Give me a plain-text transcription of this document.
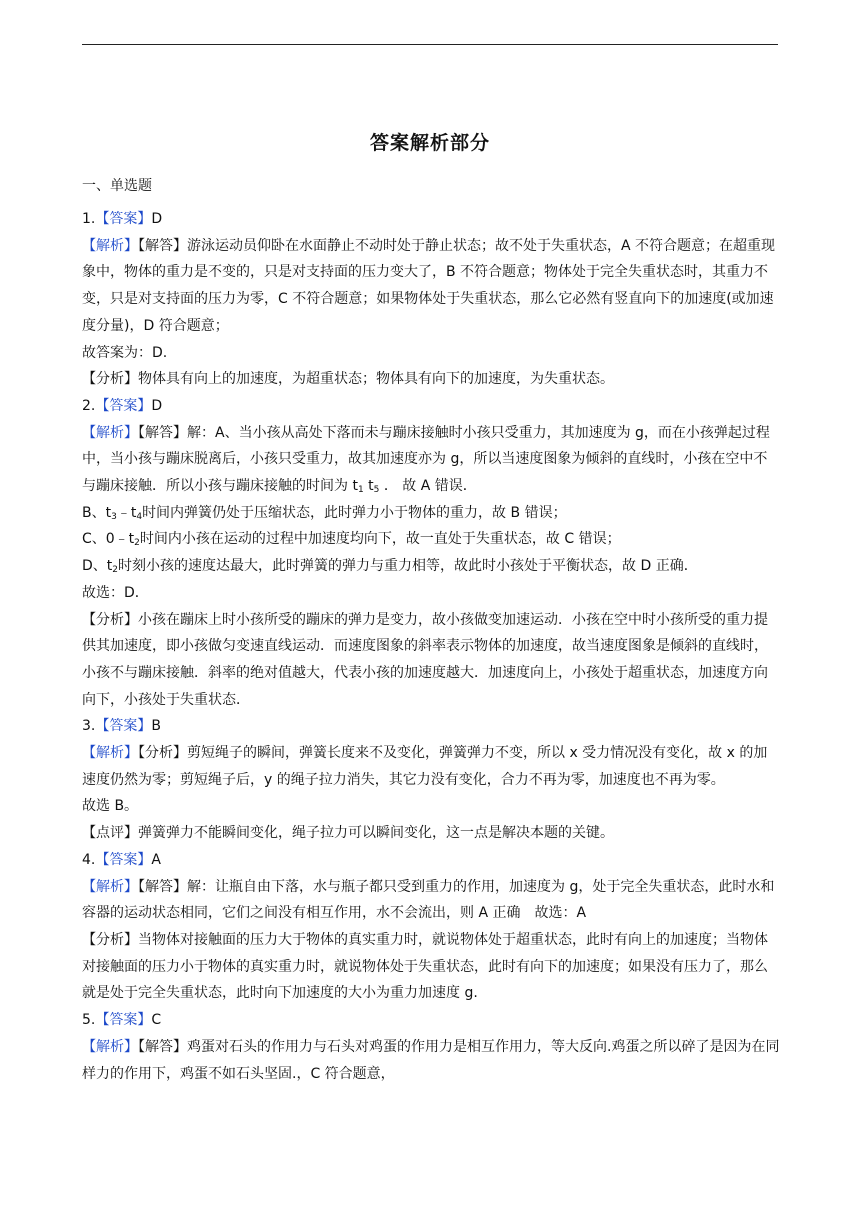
答案解析部分
一、单选题

1.【答案】D

【解析】【解答】游泳运动员仰卧在水面静止不动时处于静止状态；故不处于失重状态，A 不符合题意；在超重现象中，物体的重力是不变的，只是对支持面的压力变大了，B 不符合题意；物体处于完全失重状态时，其重力不变，只是对支持面的压力为零，C 不符合题意；如果物体处于失重状态，那么它必然有竖直向下的加速度(或加速度分量)，D 符合题意；

故答案为：D.

【分析】物体具有向上的加速度，为超重状态；物体具有向下的加速度，为失重状态。

2.【答案】D

【解析】【解答】解：A、当小孩从高处下落而未与蹦床接触时小孩只受重力，其加速度为 g，而在小孩弹起过程中，当小孩与蹦床脱离后，小孩只受重力，故其加速度亦为 g，所以当速度图象为倾斜的直线时，小孩在空中不与蹦床接触．所以小孩与蹦床接触的时间为 $t_1$ $t_5$ ． 故 A 错误．

B、$t_3﹣t_4$时间内弹簧仍处于压缩状态，此时弹力小于物体的重力，故 B 错误；

C、$0﹣t_2$时间内小孩在运动的过程中加速度均向下，故一直处于失重状态，故 C 错误；

D、$t_2$时刻小孩的速度达最大，此时弹簧的弹力与重力相等，故此时小孩处于平衡状态，故 D 正确．

故选：D．

【分析】小孩在蹦床上时小孩所受的蹦床的弹力是变力，故小孩做变加速运动．小孩在空中时小孩所受的重力提供其加速度，即小孩做匀变速直线运动．而速度图象的斜率表示物体的加速度，故当速度图象是倾斜的直线时，小孩不与蹦床接触．斜率的绝对值越大，代表小孩的加速度越大．加速度向上，小孩处于超重状态，加速度方向向下，小孩处于失重状态．

3.【答案】B

【解析】【分析】剪短绳子的瞬间，弹簧长度来不及变化，弹簧弹力不变，所以 x 受力情况没有变化，故 x 的加速度仍然为零；剪短绳子后，y 的绳子拉力消失，其它力没有变化，合力不再为零，加速度也不再为零。

故选 B。

【点评】弹簧弹力不能瞬间变化，绳子拉力可以瞬间变化，这一点是解决本题的关键。

4.【答案】A

【解析】【解答】解：让瓶自由下落，水与瓶子都只受到重力的作用，加速度为 g，处于完全失重状态，此时水和容器的运动状态相同，它们之间没有相互作用，水不会流出，则 A 正确　故选：A

【分析】当物体对接触面的压力大于物体的真实重力时，就说物体处于超重状态，此时有向上的加速度；当物体对接触面的压力小于物体的真实重力时，就说物体处于失重状态，此时有向下的加速度；如果没有压力了，那么就是处于完全失重状态，此时向下加速度的大小为重力加速度 g.

5.【答案】C

【解析】【解答】鸡蛋对石头的作用力与石头对鸡蛋的作用力是相互作用力，等大反向.鸡蛋之所以碎了是因为在同样力的作用下，鸡蛋不如石头坚固.，C 符合题意，
